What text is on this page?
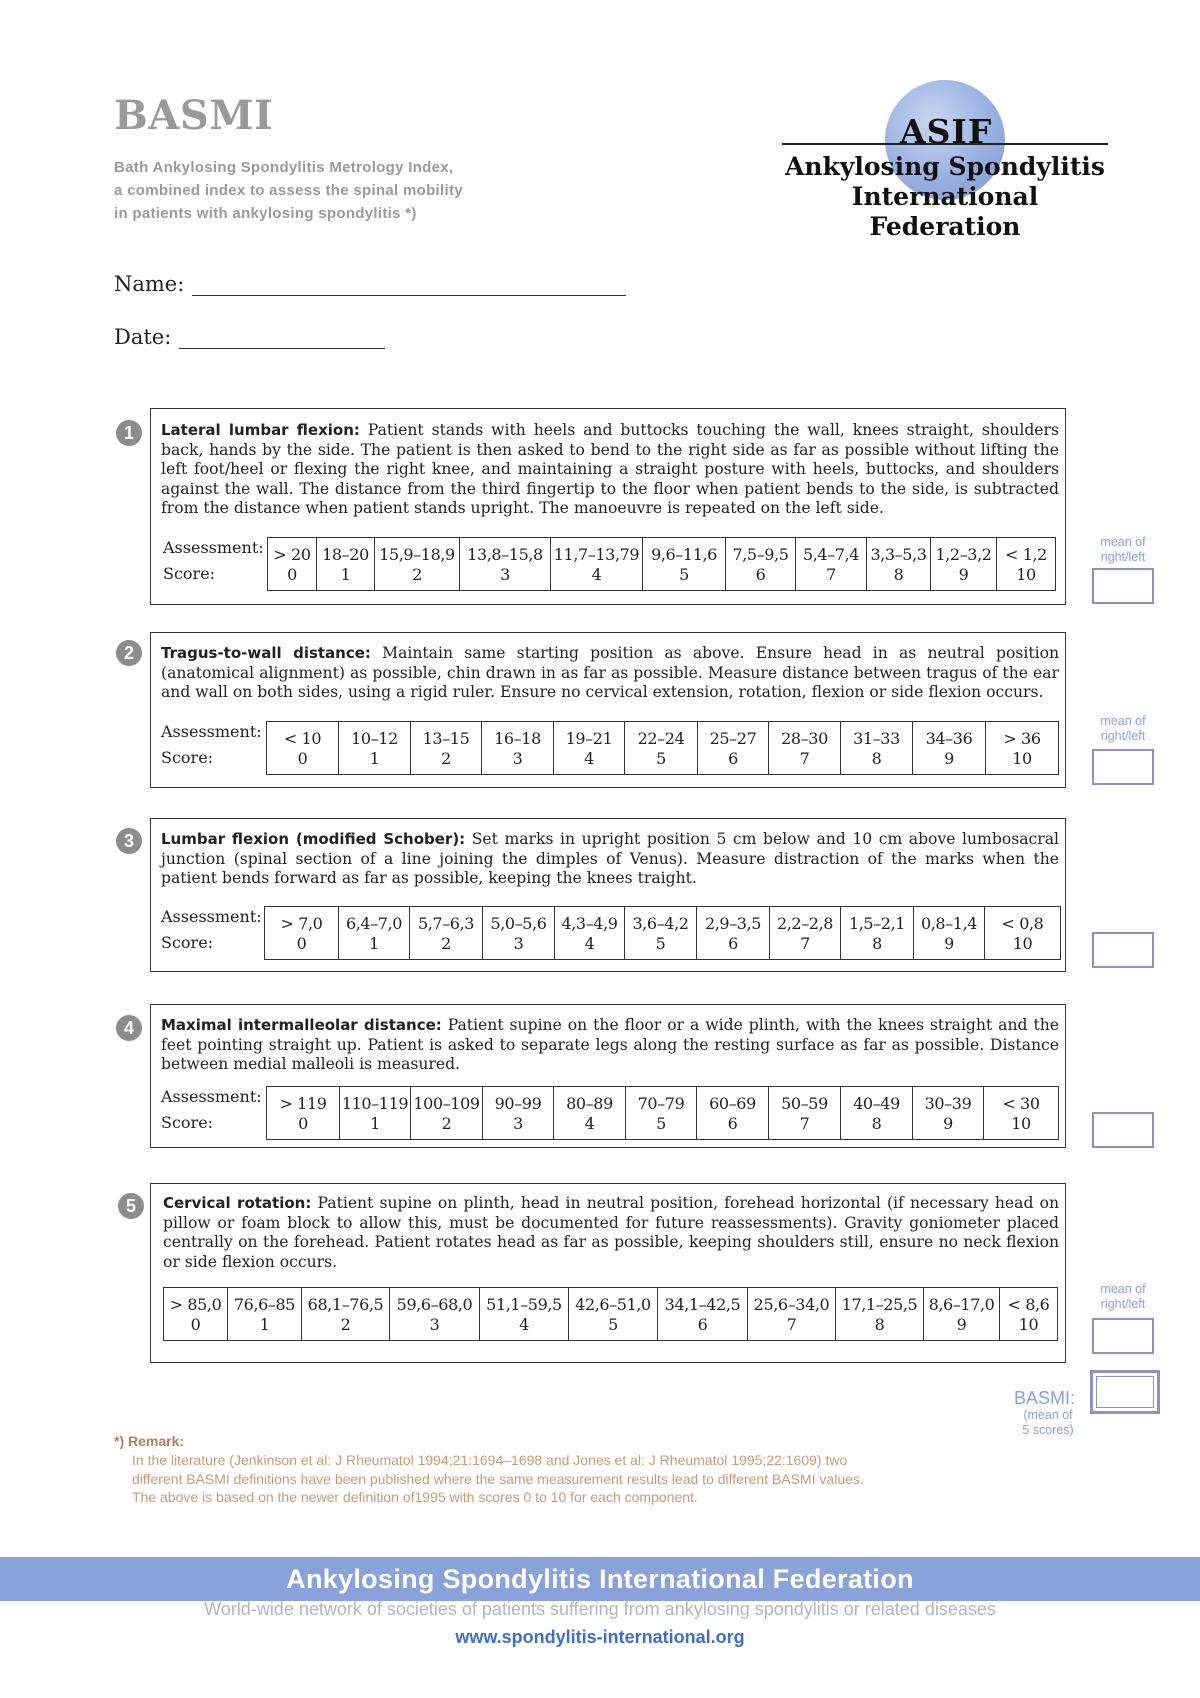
BASMI
Bath Ankylosing Spondylitis Metrology Index,
a combined index to assess the spinal mobility
in patients with ankylosing spondylitis *)
ASIF
Ankylosing Spondylitis
International Federation
Name:
Date:
1	Lateral lumbar flexion: Patient stands with heels and buttocks touching the wall, knees straight, shoulders back, hands by the side. The patient is then asked to bend to the right side as far as possible without lifting the left foot/heel or flexing the right knee, and maintaining a straight posture with heels, buttocks, and shoulders against the wall. The distance from the third fingertip to the floor when patient bends to the side, is subtracted from the distance when patient stands upright. The manoeuvre is repeated on the left side.

Assessment:
Score:
> 20	18–20	15,9–18,9	13,8–15,8	11,7–13,79	9,6–11,6	7,5–9,5	5,4–7,4	3,3–5,3	1,2–3,2	< 1,2
0	1	2	3	4	5	6	7	8	9	10
mean of
right/left
2	Tragus-to-wall distance: Maintain same starting position as above. Ensure head in as neutral position (anatomical alignment) as possible, chin drawn in as far as possible. Measure distance between tragus of the ear and wall on both sides, using a rigid ruler. Ensure no cervical extension, rotation, flexion or side flexion occurs.

Assessment:
Score:
< 10	10–12	13–15	16–18	19–21	22–24	25–27	28–30	31–33	34–36	> 36
0	1	2	3	4	5	6	7	8	9	10
mean of
right/left
3	Lumbar flexion (modified Schober): Set marks in upright position 5 cm below and 10 cm above lumbosacral junction (spinal section of a line joining the dimples of Venus). Measure distraction of the marks when the patient bends forward as far as possible, keeping the knees traight.

Assessment:
Score:
> 7,0	6,4–7,0	5,7–6,3	5,0–5,6	4,3–4,9	3,6–4,2	2,9–3,5	2,2–2,8	1,5–2,1	0,8–1,4	< 0,8
0	1	2	3	4	5	6	7	8	9	10
4	Maximal intermalleolar distance: Patient supine on the floor or a wide plinth, with the knees straight and the feet pointing straight up. Patient is asked to separate legs along the resting surface as far as possible. Distance between medial malleoli is measured.

Assessment:
Score:
> 119	110–119	100–109	90–99	80–89	70–79	60–69	50–59	40–49	30–39	< 30
0	1	2	3	4	5	6	7	8	9	10
5	Cervical rotation: Patient supine on plinth, head in neutral position, forehead horizontal (if necessary head on pillow or foam block to allow this, must be documented for future reassessments). Gravity goniometer placed centrally on the forehead. Patient rotates head as far as possible, keeping shoulders still, ensure no neck flexion or side flexion occurs.

> 85,0	76,6–85	68,1–76,5	59,6–68,0	51,1–59,5	42,6–51,0	34,1–42,5	25,6–34,0	17,1–25,5	8,6–17,0	< 8,6
0	1	2	3	4	5	6	7	8	9	10
mean of
right/left
BASMI:
(mean of
5 scores)
*) Remark:
In the literature (Jenkinson et al: J Rheumatol 1994;21:1694–1698 and Jones et al: J Rheumatol 1995;22:1609) two
different BASMI definitions have been published where the same measurement results lead to different BASMI values.
The above is based on the newer definition of1995 with scores 0 to 10 for each component.
Ankylosing Spondylitis International Federation
World-wide network of societies of patients suffering from ankylosing spondylitis or related diseases
www.spondylitis-international.org
